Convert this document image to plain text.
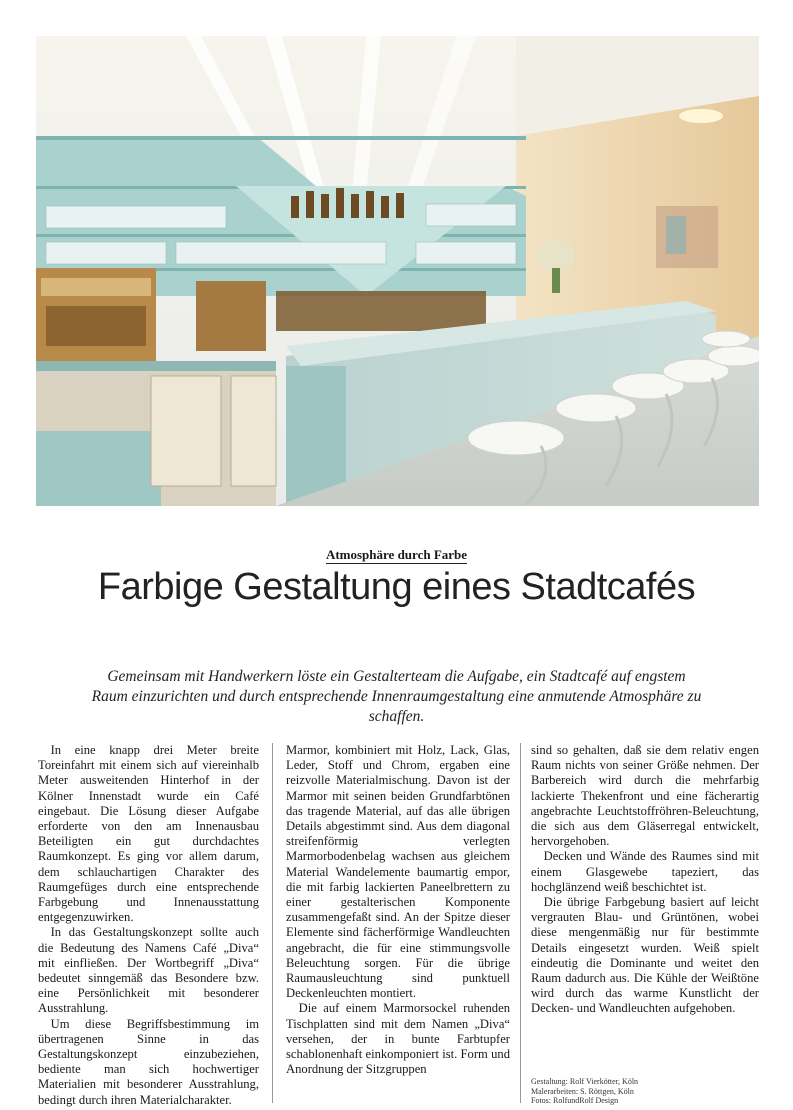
Atmosphäre durch Farbe
Farbige Gestaltung eines Stadtcafés
Gemeinsam mit Handwerkern löste ein Gestalterteam die Aufgabe, ein Stadtcafé auf engstem Raum einzurichten und durch entsprechende Innenraumgestaltung eine anmutende Atmosphäre zu schaffen.

In eine knapp drei Meter breite Toreinfahrt mit einem sich auf viereinhalb Meter ausweitenden Hinterhof in der Kölner Innenstadt wurde ein Café eingebaut. Die Lösung dieser Aufgabe erforderte von den am Innenausbau Beteiligten ein gut durchdachtes Raumkonzept. Es ging vor allem darum, dem schlauchartigen Charakter des Raumgefüges durch eine entsprechende Farbgebung und Innenausstattung entgegenzuwirken.

In das Gestaltungskonzept sollte auch die Bedeutung des Namens Café „Diva“ mit einfließen. Der Wortbegriff „Diva“ bedeutet sinngemäß das Besondere bzw. eine Persönlichkeit mit besonderer Ausstrahlung.

Um diese Begriffsbestimmung im übertragenen Sinne in das Gestaltungskonzept einzubeziehen, bediente man sich hochwertiger Materialien mit besonderer Ausstrahlung, bedingt durch ihren Materialcharakter.

Marmor, kombiniert mit Holz, Lack, Glas, Leder, Stoff und Chrom, ergaben eine reizvolle Materialmischung. Davon ist der Marmor mit seinen beiden Grundfarbtönen das tragende Material, auf das alle übrigen Details abgestimmt sind. Aus dem diagonal streifenförmig verlegten Marmorbodenbelag wachsen aus gleichem Material Wandelemente baumartig empor, die mit farbig lackierten Paneelbrettern zu einer gestalterischen Komponente zusammengefaßt sind. An der Spitze dieser Elemente sind fächerförmige Wandleuchten angebracht, die für eine stimmungsvolle Beleuchtung sorgen. Für die übrige Raumausleuchtung sind punktuell Deckenleuchten montiert.

Die auf einem Marmorsockel ruhenden Tischplatten sind mit dem Namen „Diva“ versehen, der in bunte Farbtupfer schablonenhaft einkomponiert ist. Form und Anordnung der Sitzgruppen

sind so gehalten, daß sie dem relativ engen Raum nichts von seiner Größe nehmen. Der Barbereich wird durch die mehrfarbig lackierte Thekenfront und eine fächerartig angebrachte Leuchtstoffröhren-Beleuchtung, die sich aus dem Gläserregal entwickelt, hervorgehoben.

Decken und Wände des Raumes sind mit einem Glasgewebe tapeziert, das hochglänzend weiß beschichtet ist.

Die übrige Farbgebung basiert auf leicht vergrauten Blau- und Grüntönen, wobei diese mengenmäßig nur für bestimmte Details eingesetzt wurden. Weiß spielt eindeutig die Dominante und weitet den Raum dadurch aus. Die Kühle der Weißtöne wird durch das warme Kunstlicht der Decken- und Wandleuchten aufgehoben.

Gestaltung: Rolf Vierkötter, Köln
Malerarbeiten: S. Röttgen, Köln
Fotos: RolfundRolf Design
